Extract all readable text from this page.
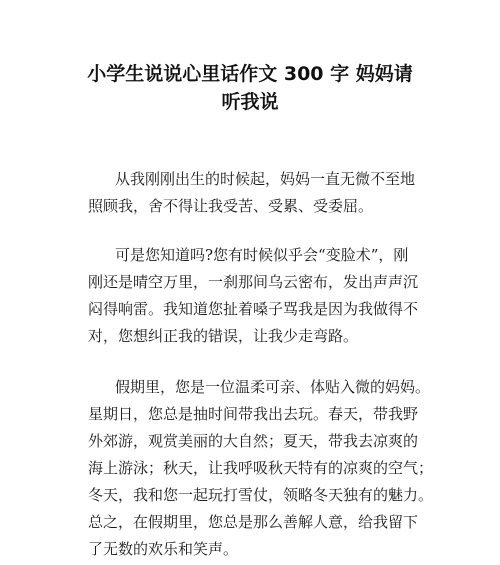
小学生说说心里话作文 300 字 妈妈请
听我说
从我刚刚出生的时候起，妈妈一直无微不至地
照顾我，舍不得让我受苦、受累、受委屈。
可是您知道吗?您有时候似乎会“变脸术”，刚
刚还是晴空万里，一刹那间乌云密布，发出声声沉
闷得响雷。我知道您扯着嗓子骂我是因为我做得不
对，您想纠正我的错误，让我少走弯路。
假期里，您是一位温柔可亲、体贴入微的妈妈。
星期日，您总是抽时间带我出去玩。春天，带我野
外郊游，观赏美丽的大自然；夏天，带我去凉爽的
海上游泳；秋天，让我呼吸秋天特有的凉爽的空气；
冬天，我和您一起玩打雪仗，领略冬天独有的魅力。
总之，在假期里，您总是那么善解人意，给我留下
了无数的欢乐和笑声。
